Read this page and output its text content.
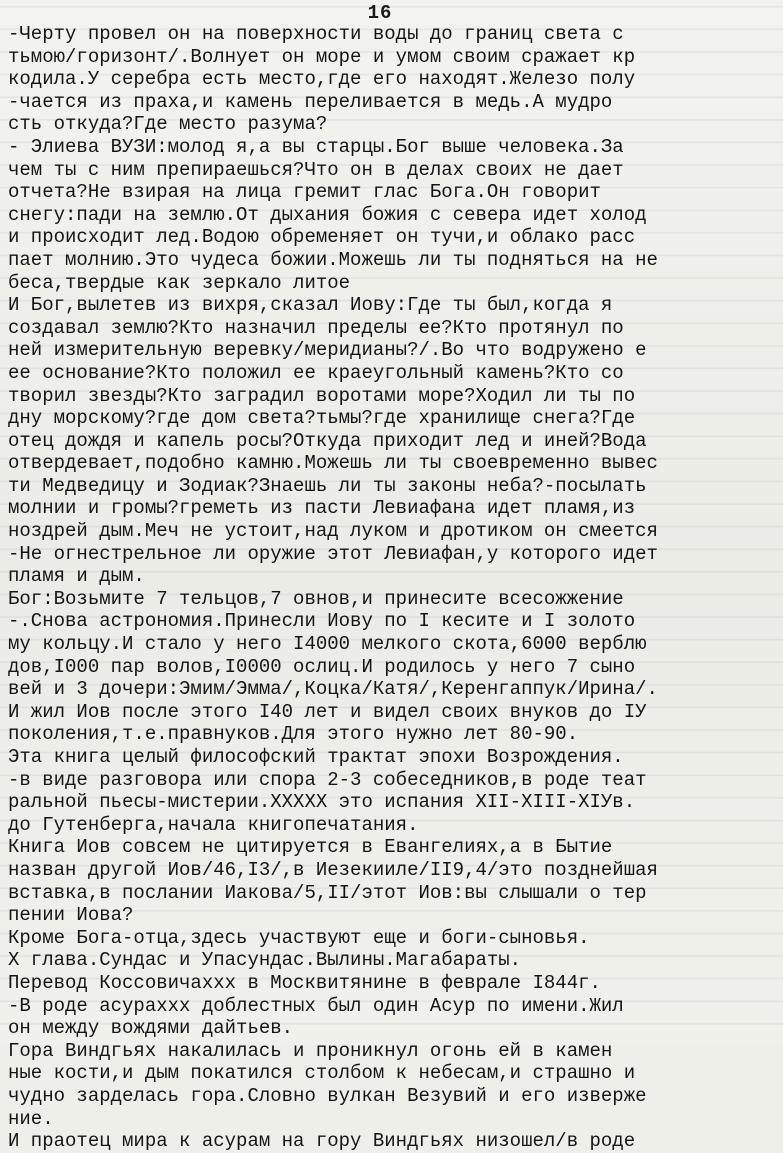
16
-Черту провел он на поверхности воды до границ света с
тьмою/горизонт/.Волнует он море и умом своим сражает кр
кодила.У серебра есть место,где его находят.Железо полу
-чается из праха,и камень переливается в медь.А мудро
сть откуда?Где место разума?
- Элиева ВУЗИ:молод я,а вы старцы.Бог выше человека.За
чем ты с ним препираешься?Что он в делах своих не дает
отчета?Не взирая на лица гремит глас Бога.Он говорит
снегу:пади на землю.От дыхания божия с севера идет холод
и происходит лед.Водою обременяет он тучи,и облако расс
пает молнию.Это чудеса божии.Можешь ли ты подняться на не
беса,твердые как зеркало литое
И Бог,вылетев из вихря,сказал Иову:Где ты был,когда я
создавал землю?Кто назначил пределы ее?Кто протянул по
ней измерительную веревку/меридианы?/.Во что водружено е
ее основание?Кто положил ее краеугольный камень?Кто со
творил звезды?Кто заградил воротами море?Ходил ли ты по
дну морскому?где дом света?тьмы?где хранилище снега?Где
отец дождя и капель росы?Откуда приходит лед и иней?Вода
отвердевает,подобно камню.Можешь ли ты своевременно вывес
ти Медведицу и Зодиак?Знаешь ли ты законы неба?-посылать
молнии и громы?греметь из пасти Левиафана идет пламя,из
ноздрей дым.Меч не устоит,над луком и дротиком он смеется
-Не огнестрельное ли оружие этот Левиафан,у которого идет
пламя и дым.
Бог:Возьмите 7 тельцов,7 овнов,и принесите всесожжение
-.Снова астрономия.Принесли Иову по I кесите и I золото
му кольцу.И стало у него I4000 мелкого скота,6000 верблю
дов,I000 пар волов,I0000 ослиц.И родилось у него 7 сыно
вей и 3 дочери:Эмим/Эмма/,Коцка/Катя/,Керенгаппук/Ирина/.
И жил Иов после этого I40 лет и видел своих внуков до IУ
поколения,т.е.правнуков.Для этого нужно лет 80-90.
Эта книга целый философский трактат эпохи Возрождения.
-в виде разговора или спора 2-3 собеседников,в роде теат
ральной пьесы-мистерии.XXXXX это испания XII-XIII-XIУв.
до Гутенберга,начала книгопечатания.
Книга Иов совсем не цитируется в Евангелиях,а в Бытие
назван другой Иов/46,I3/,в Иезекииле/II9,4/это позднейшая
вставка,в послании Иакова/5,II/этот Иов:вы слышали о тер
пении Иова?
Кроме Бога-отца,здесь участвуют еще и боги-сыновья.
Х глава.Сундас и Упасундас.Вылины.Магабараты.
Перевод Коссовичаххх в Москвитянине в феврале I844г.
-В роде асураххх доблестных был один Асур по имени.Жил
он между вождями дайтьев.
Гора Виндгьях накалилась и проникнул огонь ей в камен
ные кости,и дым покатился столбом к небесам,и страшно и
чудно зарделась гора.Словно вулкан Везувий и его изверже
ние.
И праотец мира к асурам на гору Виндгьях низошел/в роде
